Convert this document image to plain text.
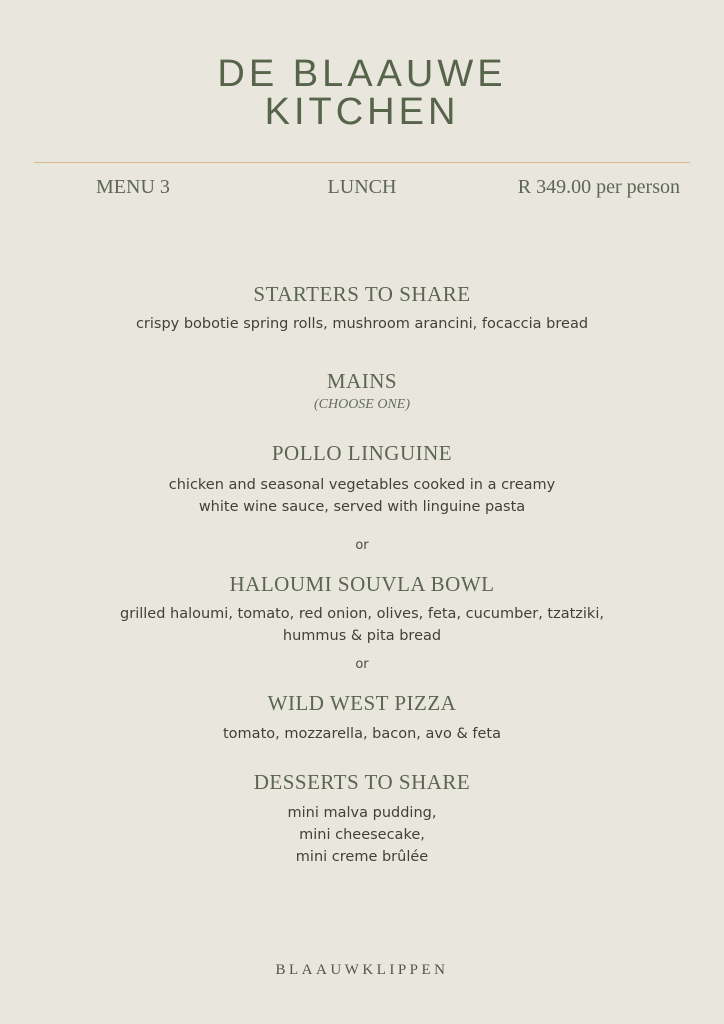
DE BLAAUWE
KITCHEN
MENU 3	LUNCH	R 349.00 per person
STARTERS TO SHARE
crispy bobotie spring rolls, mushroom arancini, focaccia bread
MAINS
(CHOOSE ONE)
POLLO LINGUINE
chicken and seasonal vegetables cooked in a creamy
white wine sauce, served with linguine pasta
or
HALOUMI SOUVLA BOWL
grilled haloumi, tomato, red onion, olives, feta, cucumber, tzatziki,
hummus & pita bread
or
WILD WEST PIZZA
tomato, mozzarella, bacon, avo & feta
DESSERTS TO SHARE
mini malva pudding,
mini cheesecake,
mini creme brûlée
BLAAUWKLIPPEN
